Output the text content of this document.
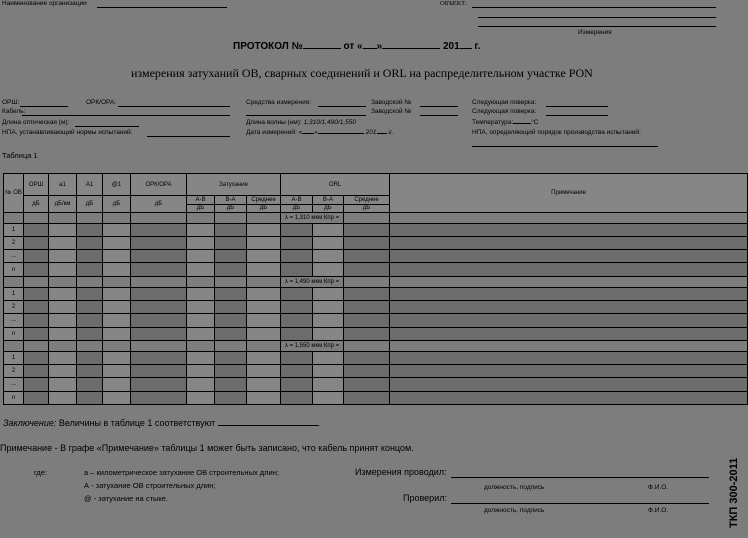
Наименование организации	ОБЪЕКТ:
Измерения
ПРОТОКОЛ №	от « »	201 г.
измерения затуханий ОВ, сварных соединений и ORL на распределительном участке PON
ОРШ:	ОРК/ОРА:
Кабель:
Длина оптическая (м):
НПА, устанавливающий нормы испытаний:
Средства измерения:	Заводской №
Заводской №
Длина волны (нм): 1,310/1,490/1,550
Дата измерений: « »	201 г.
Следующая поверка:
Следующая поверка:
Температура:	°С
НПА, определяющий порядок производства испытаний:
Таблица 1
№ ОВ	ОРШ	a1	A1	@1	ОРК/ОРА	Затухание			ORL			Примечание
	дБ	дБ/км	дБ	дБ	дБ	А-В	В-А	Среднее	А-В	В-А	Среднее	
						дБ	дБ	дБ	дБ	дБ	дБ	
									λ = 1,310 мкм Кпр =			
1												
2												
...												
n												
									λ = 1,490 мкм Кпр =			
1												
2												
...												
n												
									λ = 1,550 мкм Кпр =			
1												
2												
...												
n												
Заключение: Величины в таблице 1 соответствуют	.
Примечание - В графе «Примечание» таблицы 1 может быть записано, что кабель принят концом.
где:	а – километрическое затухание ОВ строительных длин;
А - затухание ОВ строительных длин;
@ - затухание на стыке.
Измерения проводил:
должность, подпись	Ф.И.О.
Проверил:
должность, подпись	Ф.И.О.	ТКП 300-2011
